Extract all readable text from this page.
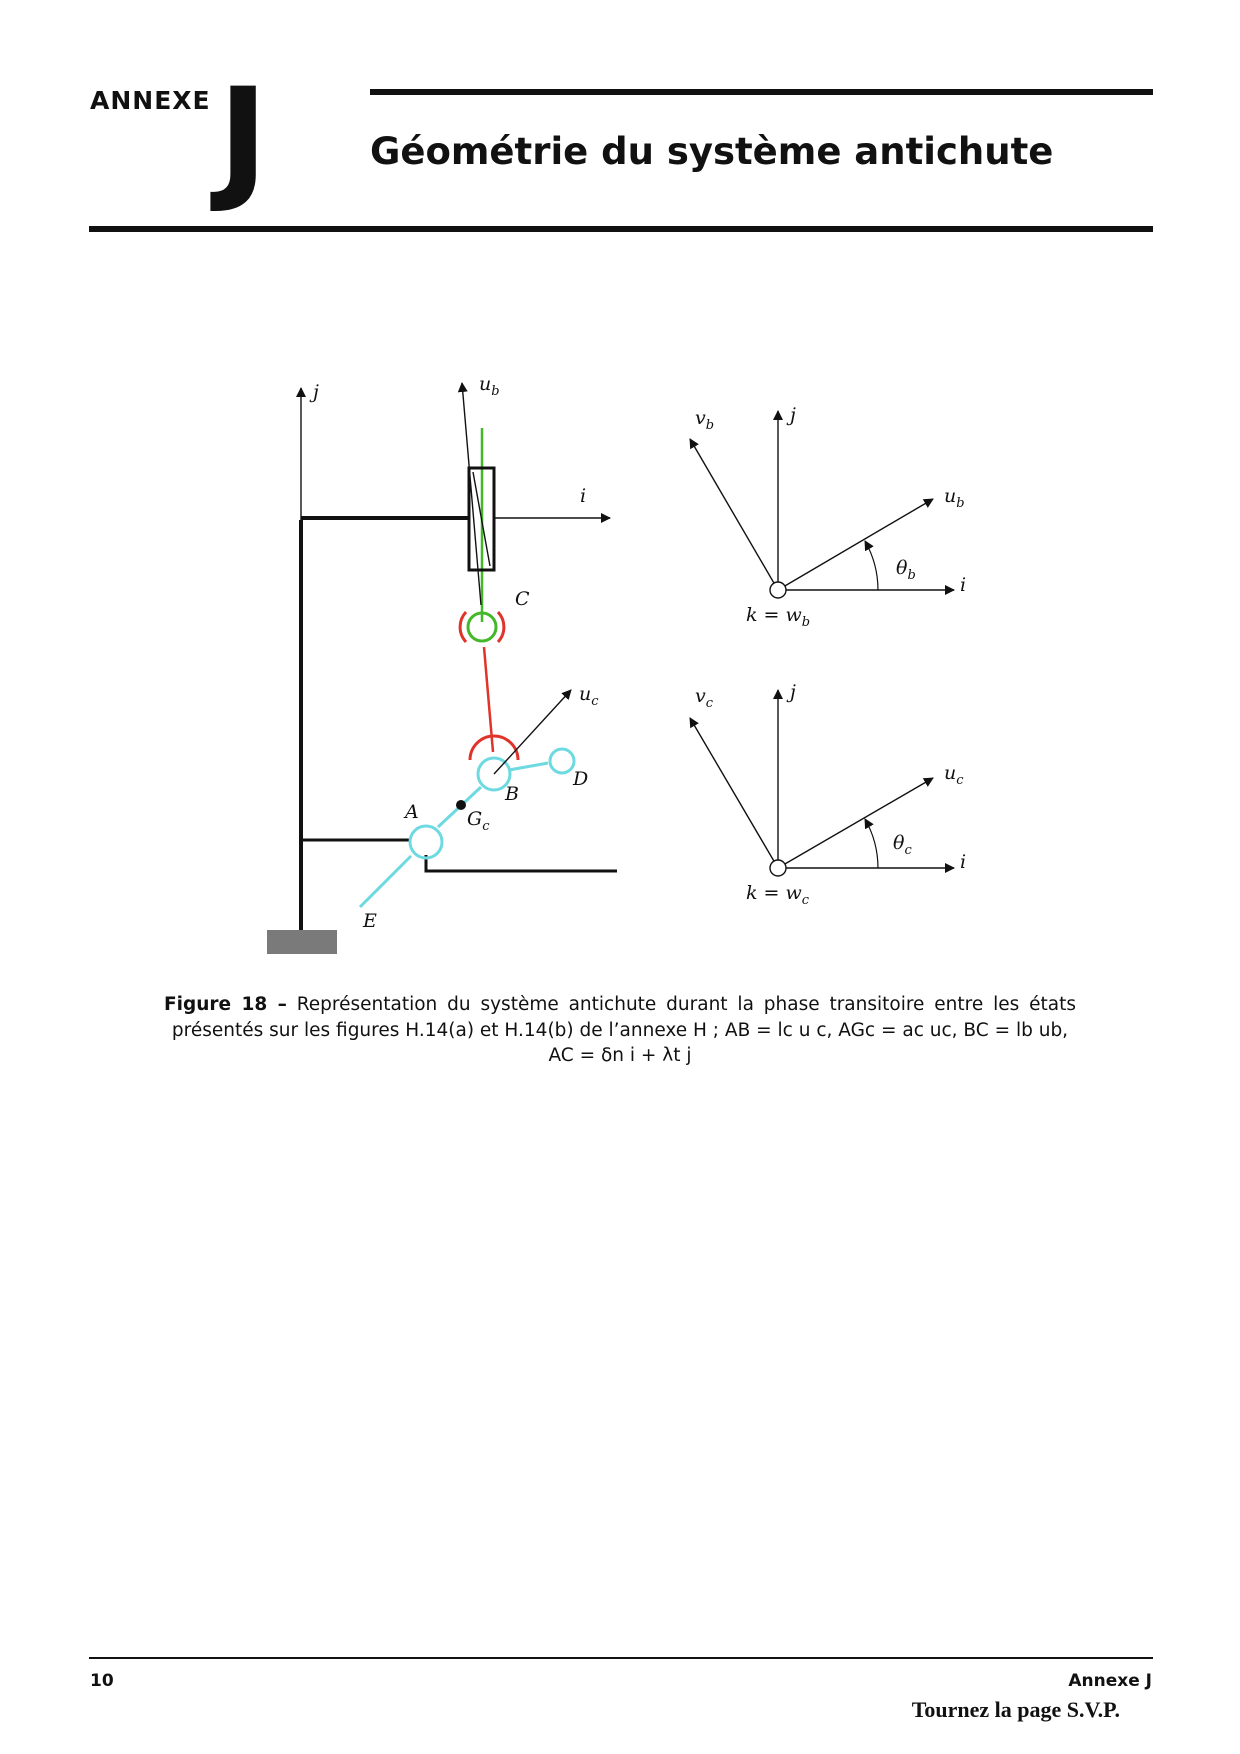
ANNEXE J	Géométrie du système antichute
j
i
$u_b$
C
$u_c$
D
B
A	$G_c$
E
$v_b$	j
$u_b$
$\theta_b$ i
$k = w_b$
$v_c$
j
$u_c$
$\theta_c$
i
$k = w_c$
Figure 18 – Représentation du système antichute durant la phase transitoire entre les états présentés sur les figures H.14(a) et H.14(b) de l’annexe H ; AB = lc u c, AGc = ac uc, BC = lb ub,
AC = δn i + λt j
10	Annexe J
Tournez la page S.V.P.
